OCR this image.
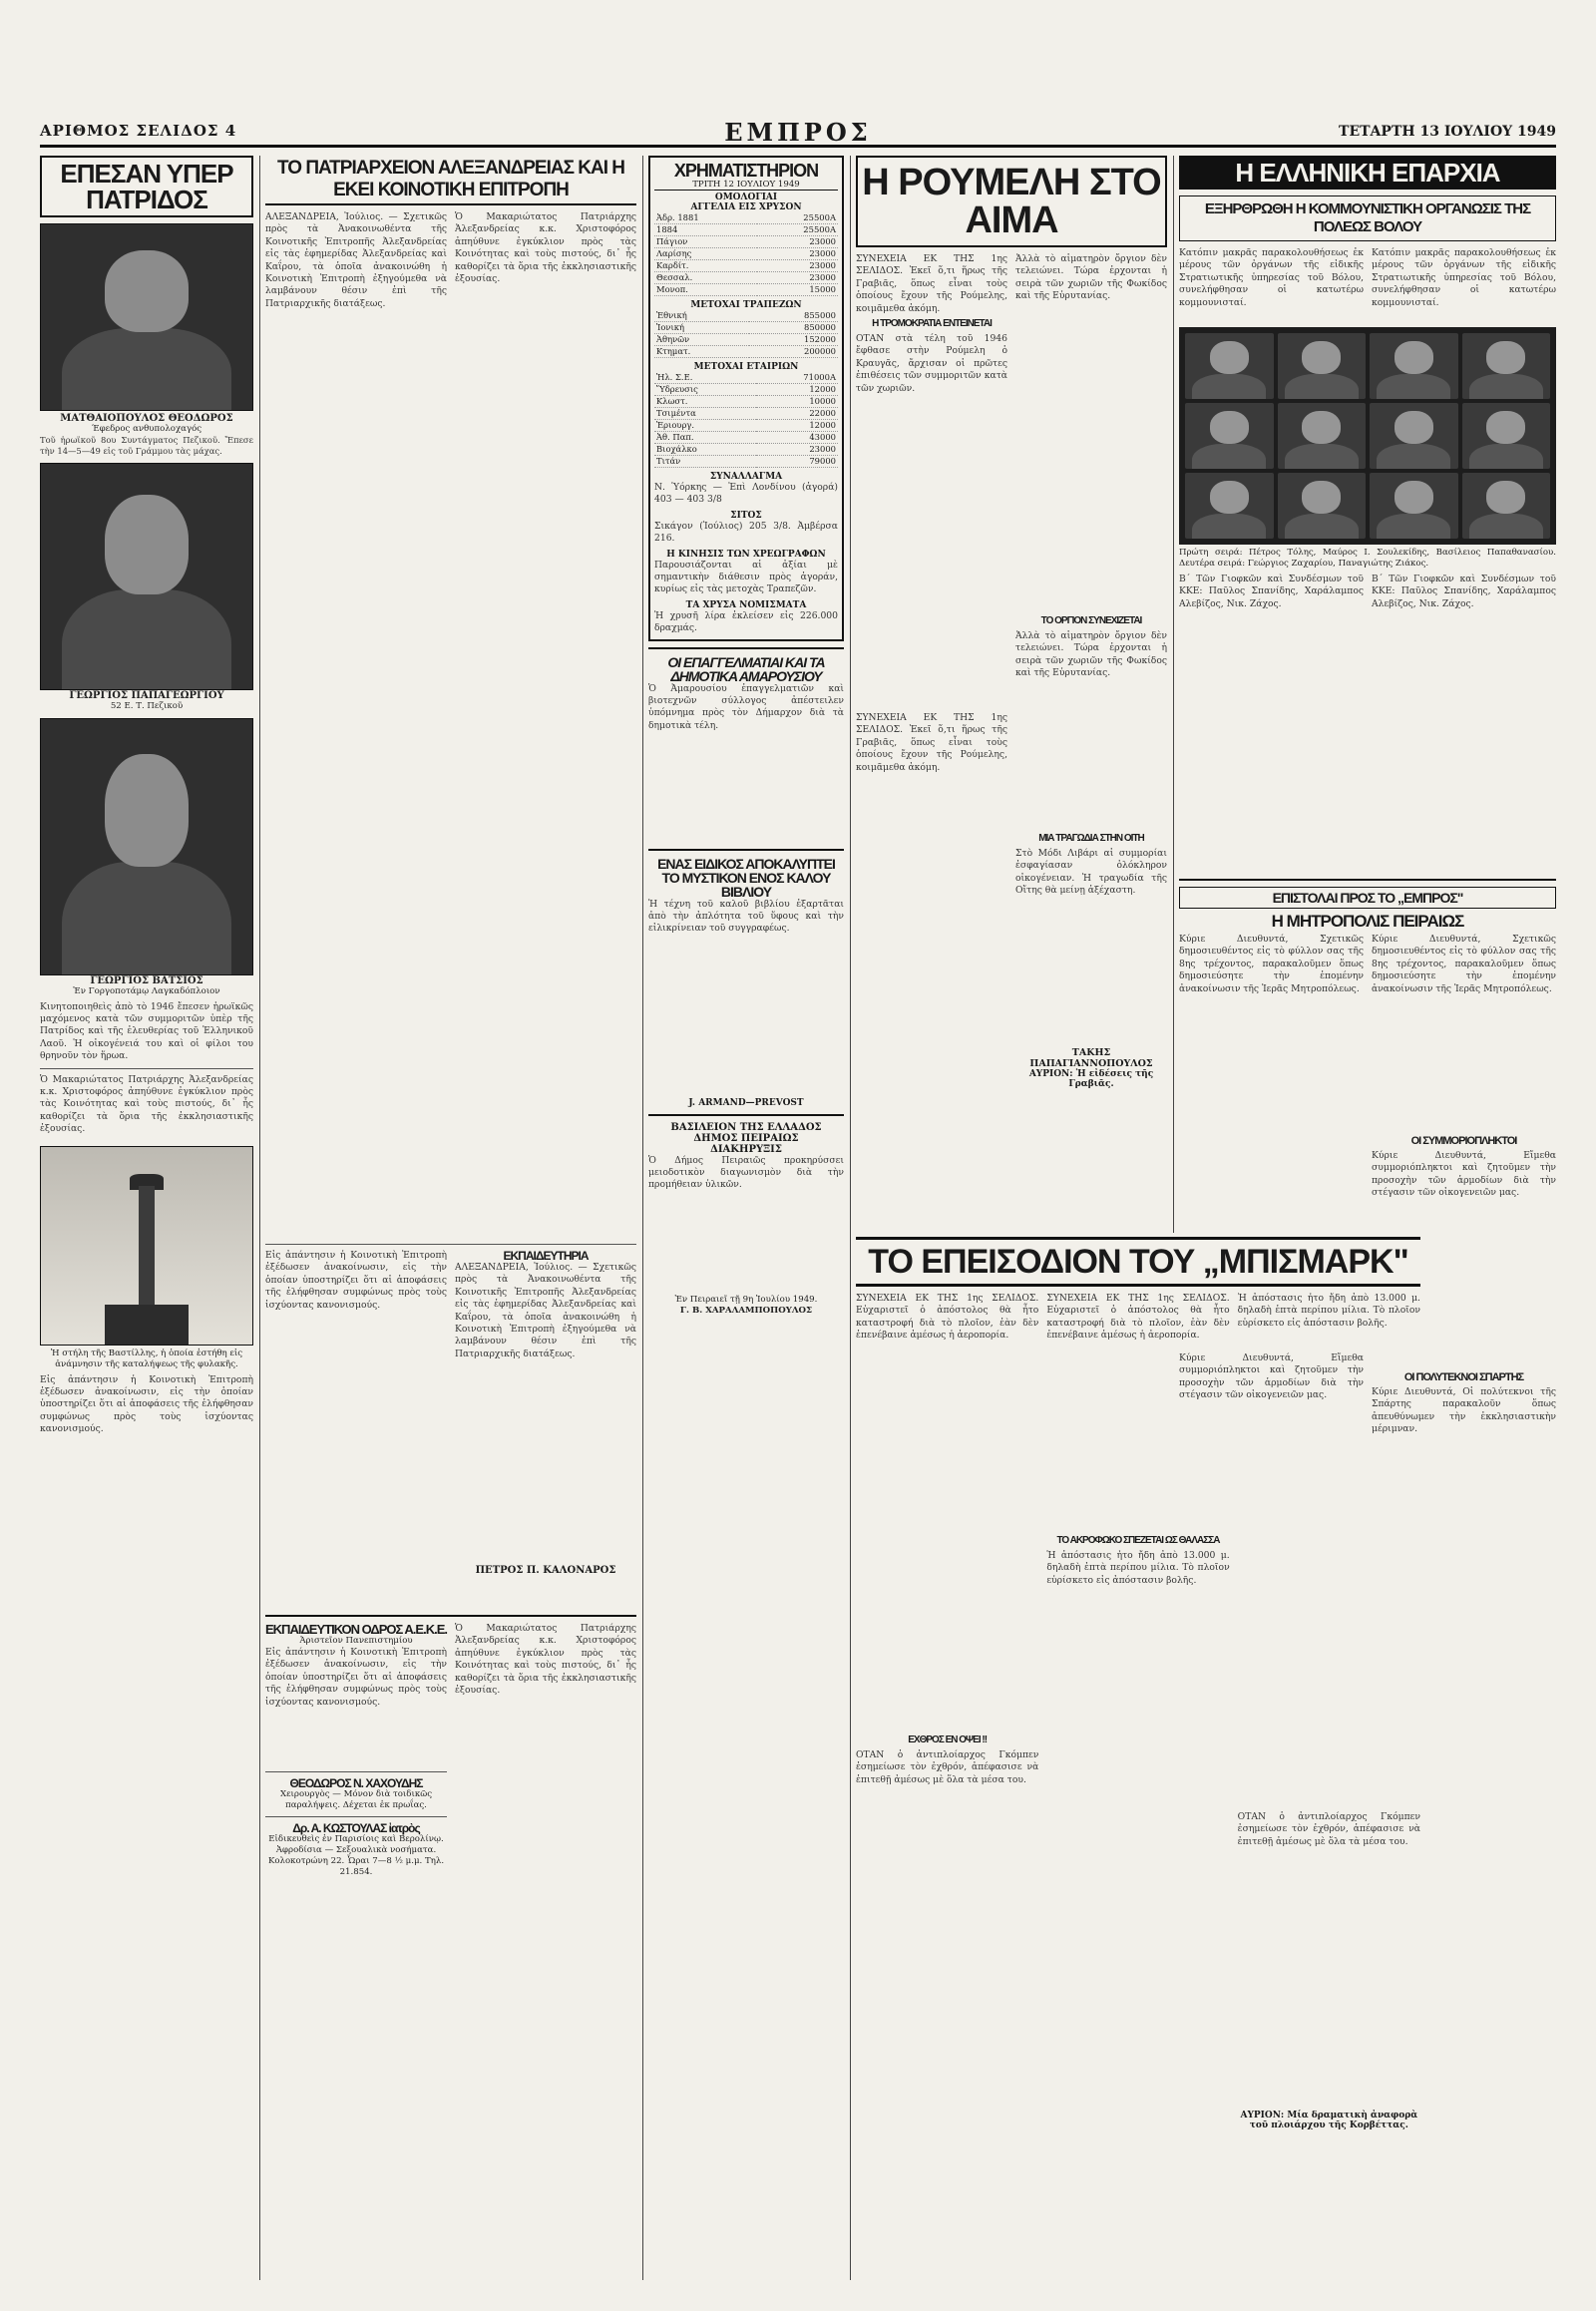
ΑΡΙΘΜΟΣ ΣΕΛΙΔΟΣ 4	ΕΜΠΡΟΣ	ΤΕΤΑΡΤΗ 13 ΙΟΥΛΙΟΥ 1949
ΕΠΕΣΑΝ ΥΠΕΡ ΠΑΤΡΙΔΟΣ
ΜΑΤΘΑΙΟΠΟΥΛΟΣ ΘΕΟΔΩΡΟΣ
Έφεδρος ανθυπολοχαγός
Τοῦ ἡρωϊκοῦ 8ου Συντάγματος Πεζικοῦ. Ἔπεσε τὴν 14—5—49 εἰς τοῦ Γράμμου τὰς μάχας.
ΓΕΩΡΓΙΟΣ ΠΑΠΑΓΕΩΡΓΙΟΥ
52 Ε. Τ. Πεζικοῦ
ΓΕΩΡΓΙΟΣ ΒΑΤΣΙΟΣ
Ἐν Γοργοποτάμῳ Λαγκαδόπλοιον
Κινητοποιηθεὶς ἀπὸ τὸ 1946 ἔπεσεν ἡρωϊκῶς μαχόμενος κατὰ τῶν συμμοριτῶν ὑπὲρ τῆς Πατρίδος καὶ τῆς ἐλευθερίας τοῦ Ἑλληνικοῦ Λαοῦ. Ἡ οἰκογένειά του καὶ οἱ φίλοι του θρηνοῦν τὸν ἥρωα.
Ὁ Μακαριώτατος Πατριάρχης Ἀλεξανδρείας κ.κ. Χριστοφόρος ἀπηύθυνε ἐγκύκλιον πρὸς τὰς Κοινότητας καὶ τοὺς πιστούς, δι᾽ ἧς καθορίζει τὰ ὅρια τῆς ἐκκλησιαστικῆς ἐξουσίας.
Ἡ στήλη τῆς Βαστίλλης, ἡ ὁποία ἐστήθη εἰς ἀνάμνησιν τῆς καταλήψεως τῆς φυλακῆς.
Εἰς ἀπάντησιν ἡ Κοινοτικὴ Ἐπιτροπὴ ἐξέδωσεν ἀνακοίνωσιν, εἰς τὴν ὁποίαν ὑποστηρίζει ὅτι αἱ ἀποφάσεις τῆς ἐλήφθησαν συμφώνως πρὸς τοὺς ἰσχύοντας κανονισμούς.
ΤΟ ΠΑΤΡΙΑΡΧΕΙΟΝ ΑΛΕΞΑΝΔΡΕΙΑΣ ΚΑΙ Η ΕΚΕΙ ΚΟΙΝΟΤΙΚΗ ΕΠΙΤΡΟΠΗ
ΑΛΕΞΑΝΔΡΕΙΑ, Ἰούλιος. — Σχετικῶς πρὸς τὰ Ἀνακοινωθέντα τῆς Κοινοτικῆς Ἐπιτροπῆς Ἀλεξανδρείας εἰς τὰς ἐφημερίδας Ἀλεξανδρείας καὶ Καΐρου, τὰ ὁποῖα ἀνακοινώθη ἡ Κοινοτικὴ Ἐπιτροπὴ ἐξηγούμεθα νὰ λαμβάνουν θέσιν ἐπὶ τῆς Πατριαρχικῆς διατάξεως.
Ὁ Μακαριώτατος Πατριάρχης Ἀλεξανδρείας κ.κ. Χριστοφόρος ἀπηύθυνε ἐγκύκλιον πρὸς τὰς Κοινότητας καὶ τοὺς πιστούς, δι᾽ ἧς καθορίζει τὰ ὅρια τῆς ἐκκλησιαστικῆς ἐξουσίας.
Εἰς ἀπάντησιν ἡ Κοινοτικὴ Ἐπιτροπὴ ἐξέδωσεν ἀνακοίνωσιν, εἰς τὴν ὁποίαν ὑποστηρίζει ὅτι αἱ ἀποφάσεις τῆς ἐλήφθησαν συμφώνως πρὸς τοὺς ἰσχύοντας κανονισμούς.
ΕΚΠΑΙΔΕΥΤΗΡΙΑ
ΑΛΕΞΑΝΔΡΕΙΑ, Ἰούλιος. — Σχετικῶς πρὸς τὰ Ἀνακοινωθέντα τῆς Κοινοτικῆς Ἐπιτροπῆς Ἀλεξανδρείας εἰς τὰς ἐφημερίδας Ἀλεξανδρείας καὶ Καΐρου, τὰ ὁποῖα ἀνακοινώθη ἡ Κοινοτικὴ Ἐπιτροπὴ ἐξηγούμεθα νὰ λαμβάνουν θέσιν ἐπὶ τῆς Πατριαρχικῆς διατάξεως.
ΠΕΤΡΟΣ Π. ΚΑΛΟΝΑΡΟΣ
ΕΚΠΑΙΔΕΥΤΙΚΟΝ ΟΔΡΟΣ Α.Ε.Κ.Ε.
Ἀριστεῖον Πανεπιστημίου
Εἰς ἀπάντησιν ἡ Κοινοτικὴ Ἐπιτροπὴ ἐξέδωσεν ἀνακοίνωσιν, εἰς τὴν ὁποίαν ὑποστηρίζει ὅτι αἱ ἀποφάσεις τῆς ἐλήφθησαν συμφώνως πρὸς τοὺς ἰσχύοντας κανονισμούς.
ΘΕΟΔΩΡΟΣ Ν. ΧΑΧΟΥΔΗΣ
Χειρουργὸς — Μόνον διὰ τοιδικῶς παραλήψεις. Δέχεται ἐκ πρωΐας.
Δρ. Α. ΚΩΣΤΟΥΛΑΣ ἰατρὸς
Εἰδικευθεὶς ἐν Παρισίοις καὶ Βερολίνῳ. Ἀφροδίσια — Σεξουαλικὰ νοσήματα. Κολοκοτρώνη 22. Ὧραι 7—8 ½ μ.μ. Τηλ. 21.854.
Ὁ Μακαριώτατος Πατριάρχης Ἀλεξανδρείας κ.κ. Χριστοφόρος ἀπηύθυνε ἐγκύκλιον πρὸς τὰς Κοινότητας καὶ τοὺς πιστούς, δι᾽ ἧς καθορίζει τὰ ὅρια τῆς ἐκκλησιαστικῆς ἐξουσίας.
ΧΡΗΜΑΤΙΣΤΗΡΙΟΝ
ΤΡΙΤΗ 12 ΙΟΥΛΙΟΥ 1949
ΟΜΟΛΟΓΙΑΙ
ΑΓΓΕΛΙΑ ΕΙΣ ΧΡΥΣΟΝ
Ἀδρ. 1881	25500Α
1884	25500Α
Πάγιον	23000
Λαρίσης	23000
Καρδίτ.	23000
Θεσσαλ.	23000
Μονοπ.	15000
ΜΕΤΟΧΑΙ ΤΡΑΠΕΖΩΝ
Ἐθνική	855000
Ἰονική	850000
Ἀθηνῶν	152000
Κτηματ.	200000
ΜΕΤΟΧΑΙ ΕΤΑΙΡΙΩΝ
Ἠλ. Σ.Ε.	71000Α
Ὕδρευσις	12000
Κλωστ.	10000
Τσιμέντα	22000
Ἐριουργ.	12000
Ἀθ. Παπ.	43000
Βιοχάλκο	23000
Τιτάν	79000
ΣΥΝΑΛΛΑΓΜΑ
Ν. Ὑόρκης — Ἐπὶ Λονδίνου (ἀγορά) 403 — 403 3/8
ΣΙΤΟΣ
Σικάγον (Ἰούλιος) 205 3/8. Ἀμβέρσα 216.
Η ΚΙΝΗΣΙΣ ΤΩΝ ΧΡΕΩΓΡΑΦΩΝ
Παρουσιάζονται αἱ ἀξίαι μὲ σημαντικὴν διάθεσιν πρὸς ἀγοράν, κυρίως εἰς τὰς μετοχὰς Τραπεζῶν.
ΤΑ ΧΡΥΣΑ ΝΟΜΙΣΜΑΤΑ
Ἡ χρυσῆ λίρα ἐκλείσεν εἰς 226.000 δραχμάς.
ΟΙ ΕΠΑΓΓΕΛΜΑΤΙΑΙ ΚΑΙ ΤΑ ΔΗΜΟΤΙΚΑ ΑΜΑΡΟΥΣΙΟΥ
Ὁ Ἀμαρουσίου ἐπαγγελματιῶν καὶ βιοτεχνῶν σύλλογος ἀπέστειλεν ὑπόμνημα πρὸς τὸν Δήμαρχον διὰ τὰ δημοτικὰ τέλη.
ΕΝΑΣ ΕΙΔΙΚΟΣ ΑΠΟΚΑΛΥΠΤΕΙ ΤΟ ΜΥΣΤΙΚΟΝ ΕΝΟΣ ΚΑΛΟΥ ΒΙΒΛΙΟΥ
Ἡ τέχνη τοῦ καλοῦ βιβλίου ἐξαρτᾶται ἀπὸ τὴν ἀπλότητα τοῦ ὕφους καὶ τὴν εἰλικρίνειαν τοῦ συγγραφέως.
J. ARMAND—PREVOST
ΒΑΣΙΛΕΙΟΝ ΤΗΣ ΕΛΛΑΔΟΣ
ΔΗΜΟΣ ΠΕΙΡΑΙΩΣ
ΔΙΑΚΗΡΥΞΙΣ
Ὁ Δήμος Πειραιῶς προκηρύσσει μειοδοτικὸν διαγωνισμὸν διὰ τὴν προμήθειαν ὑλικῶν.
Ἐν Πειραιεῖ τῇ 9η Ἰουλίου 1949.
Γ. Β. ΧΑΡΑΛΑΜΠΟΠΟΥΛΟΣ
Η ΡΟΥΜΕΛΗ ΣΤΟ ΑΙΜΑ
ΣΥΝΕΧΕΙΑ ΕΚ ΤΗΣ 1ης ΣΕΛΙΔΟΣ. Ἐκεῖ ὅ,τι ἥρως τῆς Γραβιᾶς, ὅπως εἶναι τοὺς ὁποίους ἔχουν τῆς Ρούμελης, κοιμᾶμεθα ἀκόμη.
Η ΤΡΟΜΟΚΡΑΤΙΑ ΕΝΤΕΙΝΕΤΑΙ
ΟΤΑΝ στὰ τέλη τοῦ 1946 ἔφθασε στὴν Ρούμελη ὁ Κραυγᾶς, ἄρχισαν οἱ πρῶτες ἐπιθέσεις τῶν συμμοριτῶν κατὰ τῶν χωριῶν.
ΣΥΝΕΧΕΙΑ ΕΚ ΤΗΣ 1ης ΣΕΛΙΔΟΣ. Ἐκεῖ ὅ,τι ἥρως τῆς Γραβιᾶς, ὅπως εἶναι τοὺς ὁποίους ἔχουν τῆς Ρούμελης, κοιμᾶμεθα ἀκόμη.
Ἀλλὰ τὸ αἱματηρὸν ὄργιον δὲν τελειώνει. Τώρα ἐρχονται ἡ σειρὰ τῶν χωριῶν τῆς Φωκίδος καὶ τῆς Εὐρυτανίας.
ΤΟ ΟΡΓΙΟΝ ΣΥΝΕΧΙΖΕΤΑΙ
Ἀλλὰ τὸ αἱματηρὸν ὄργιον δὲν τελειώνει. Τώρα ἐρχονται ἡ σειρὰ τῶν χωριῶν τῆς Φωκίδος καὶ τῆς Εὐρυτανίας.
ΜΙΑ ΤΡΑΓΩΔΙΑ ΣΤΗΝ ΟΙΤΗ
Στὸ Μόδι Λιβάρι αἱ συμμορίαι ἐσφαγίασαν ὁλόκληρον οἰκογένειαν. Ἡ τραγωδία τῆς Οἴτης θὰ μείνῃ ἀξέχαστη.
ΤΑΚΗΣ ΠΑΠΑΓΙΑΝΝΟΠΟΥΛΟΣ
ΑΥΡΙΟΝ: Ἡ εἰδέσεις τῆς Γραβιᾶς.
ΤΟ ΕΠΕΙΣΟΔΙΟΝ ΤΟΥ „ΜΠΙΣΜΑΡΚ"
ΣΥΝΕΧΕΙΑ ΕΚ ΤΗΣ 1ης ΣΕΛΙΔΟΣ. Εὐχαριστεῖ ὁ ἀπόστολος θὰ ἦτο καταστροφή διὰ τὸ πλοῖον, ἐὰν δὲν ἐπενέβαινε ἀμέσως ἡ ἀεροπορία.
ΕΧΘΡΟΣ ΕΝ ΟΨΕΙ !!
ΟΤΑΝ ὁ ἀντιπλοίαρχος Γκόμπεν ἐσημείωσε τὸν ἐχθρόν, ἀπέφασισε νὰ ἐπιτεθῇ ἀμέσως μὲ ὅλα τὰ μέσα του.
ΣΥΝΕΧΕΙΑ ΕΚ ΤΗΣ 1ης ΣΕΛΙΔΟΣ. Εὐχαριστεῖ ὁ ἀπόστολος θὰ ἦτο καταστροφή διὰ τὸ πλοῖον, ἐὰν δὲν ἐπενέβαινε ἀμέσως ἡ ἀεροπορία.
ΤΟ ΑΚΡΟΦΩΚΟ ΣΠΕΖΕΤΑΙ ΩΣ ΘΑΛΑΣΣΑ
Ἡ ἀπόστασις ἦτο ἤδη ἀπὸ 13.000 μ. δηλαδὴ ἑπτὰ περίπου μίλια. Τὸ πλοῖον εὑρίσκετο εἰς ἀπόστασιν βολῆς.
Ἡ ἀπόστασις ἦτο ἤδη ἀπὸ 13.000 μ. δηλαδὴ ἑπτὰ περίπου μίλια. Τὸ πλοῖον εὑρίσκετο εἰς ἀπόστασιν βολῆς.
ΟΤΑΝ ὁ ἀντιπλοίαρχος Γκόμπεν ἐσημείωσε τὸν ἐχθρόν, ἀπέφασισε νὰ ἐπιτεθῇ ἀμέσως μὲ ὅλα τὰ μέσα του.
ΑΥΡΙΟΝ: Μία δραματικὴ ἀναφορὰ τοῦ πλοιάρχου τῆς Κορβέττας.
Η ΕΛΛΗΝΙΚΗ ΕΠΑΡΧΙΑ
ΕΞΗΡΘΡΩΘΗ Η ΚΟΜΜΟΥΝΙΣΤΙΚΗ ΟΡΓΑΝΩΣΙΣ ΤΗΣ ΠΟΛΕΩΣ ΒΟΛΟΥ
Κατόπιν μακρᾶς παρακολουθήσεως ἐκ μέρους τῶν ὀργάνων τῆς εἰδικῆς Στρατιωτικῆς ὑπηρεσίας τοῦ Βόλου, συνελήφθησαν οἱ κατωτέρω κομμουνισταί.
Κατόπιν μακρᾶς παρακολουθήσεως ἐκ μέρους τῶν ὀργάνων τῆς εἰδικῆς Στρατιωτικῆς ὑπηρεσίας τοῦ Βόλου, συνελήφθησαν οἱ κατωτέρω κομμουνισταί.
Πρώτη σειρά: Πέτρος Τόλης, Μαύρος Ι. Σουλεκίδης, Βασίλειος Παπαθανασίου. Δευτέρα σειρά: Γεώργιος Ζαχαρίου, Παναγιώτης Ζιάκος.
Β΄ Τῶν Γιοφκῶν καὶ Συνδέσμων τοῦ ΚΚΕ: Παῦλος Σπανίδης, Χαράλαμπος Αλεβίζος, Νικ. Ζάχος.
Β΄ Τῶν Γιοφκῶν καὶ Συνδέσμων τοῦ ΚΚΕ: Παῦλος Σπανίδης, Χαράλαμπος Αλεβίζος, Νικ. Ζάχος.
ΕΠΙΣΤΟΛΑΙ ΠΡΟΣ ΤΟ „ΕΜΠΡΟΣ"
Η ΜΗΤΡΟΠΟΛΙΣ ΠΕΙΡΑΙΩΣ
Κύριε Διευθυντά, Σχετικῶς δημοσιευθέντος εἰς τὸ φύλλον σας τῆς 8ης τρέχοντος, παρακαλοῦμεν ὅπως δημοσιεύσητε τὴν ἐπομένην ἀνακοίνωσιν τῆς Ἱερᾶς Μητροπόλεως.
Κύριε Διευθυντά, Εἴμεθα συμμοριόπληκτοι καὶ ζητοῦμεν τὴν προσοχὴν τῶν ἁρμοδίων διὰ τὴν στέγασιν τῶν οἰκογενειῶν μας.
Κύριε Διευθυντά, Σχετικῶς δημοσιευθέντος εἰς τὸ φύλλον σας τῆς 8ης τρέχοντος, παρακαλοῦμεν ὅπως δημοσιεύσητε τὴν ἐπομένην ἀνακοίνωσιν τῆς Ἱερᾶς Μητροπόλεως.
ΟΙ ΣΥΜΜΟΡΙΟΠΛΗΚΤΟΙ
Κύριε Διευθυντά, Εἴμεθα συμμοριόπληκτοι καὶ ζητοῦμεν τὴν προσοχὴν τῶν ἁρμοδίων διὰ τὴν στέγασιν τῶν οἰκογενειῶν μας.
ΟΙ ΠΟΛΥΤΕΚΝΟΙ ΣΠΑΡΤΗΣ
Κύριε Διευθυντά, Οἱ πολύτεκνοι τῆς Σπάρτης παρακαλοῦν ὅπως ἀπευθύνωμεν τὴν ἐκκλησιαστικὴν μέριμναν.
